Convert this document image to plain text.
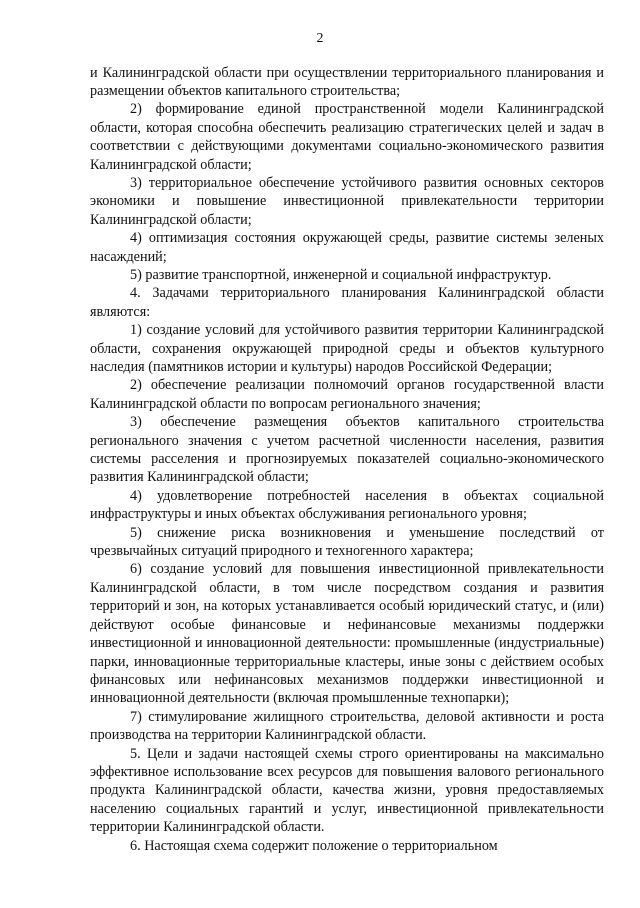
2

и Калининградской области при осуществлении территориального планирования и размещении объектов капитального строительства;

2) формирование единой пространственной модели Калининградской области, которая способна обеспечить реализацию стратегических целей и задач в соответствии с действующими документами социально-экономического развития Калининградской области;

3) территориальное обеспечение устойчивого развития основных секторов экономики и повышение инвестиционной привлекательности территории Калининградской области;

4) оптимизация состояния окружающей среды, развитие системы зеленых насаждений;

5) развитие транспортной, инженерной и социальной инфраструктур.

4. Задачами территориального планирования Калининградской области являются:

1) создание условий для устойчивого развития территории Калининградской области, сохранения окружающей природной среды и объектов культурного наследия (памятников истории и культуры) народов Российской Федерации;

2) обеспечение реализации полномочий органов государственной власти Калининградской области по вопросам регионального значения;

3) обеспечение размещения объектов капитального строительства регионального значения с учетом расчетной численности населения, развития системы расселения и прогнозируемых показателей социально-экономического развития Калининградской области;

4) удовлетворение потребностей населения в объектах социальной инфраструктуры и иных объектах обслуживания регионального уровня;

5) снижение риска возникновения и уменьшение последствий от чрезвычайных ситуаций природного и техногенного характера;

6) создание условий для повышения инвестиционной привлекательности Калининградской области, в том числе посредством создания и развития территорий и зон, на которых устанавливается особый юридический статус, и (или) действуют особые финансовые и нефинансовые механизмы поддержки инвестиционной и инновационной деятельности: промышленные (индустриальные) парки, инновационные территориальные кластеры, иные зоны с действием особых финансовых или нефинансовых механизмов поддержки инвестиционной и инновационной деятельности (включая промышленные технопарки);

7) стимулирование жилищного строительства, деловой активности и роста производства на территории Калининградской области.

5. Цели и задачи настоящей схемы строго ориентированы на максимально эффективное использование всех ресурсов для повышения валового регионального продукта Калининградской области, качества жизни, уровня предоставляемых населению социальных гарантий и услуг, инвестиционной привлекательности территории Калининградской области.

6. Настоящая схема содержит положение о территориальном
